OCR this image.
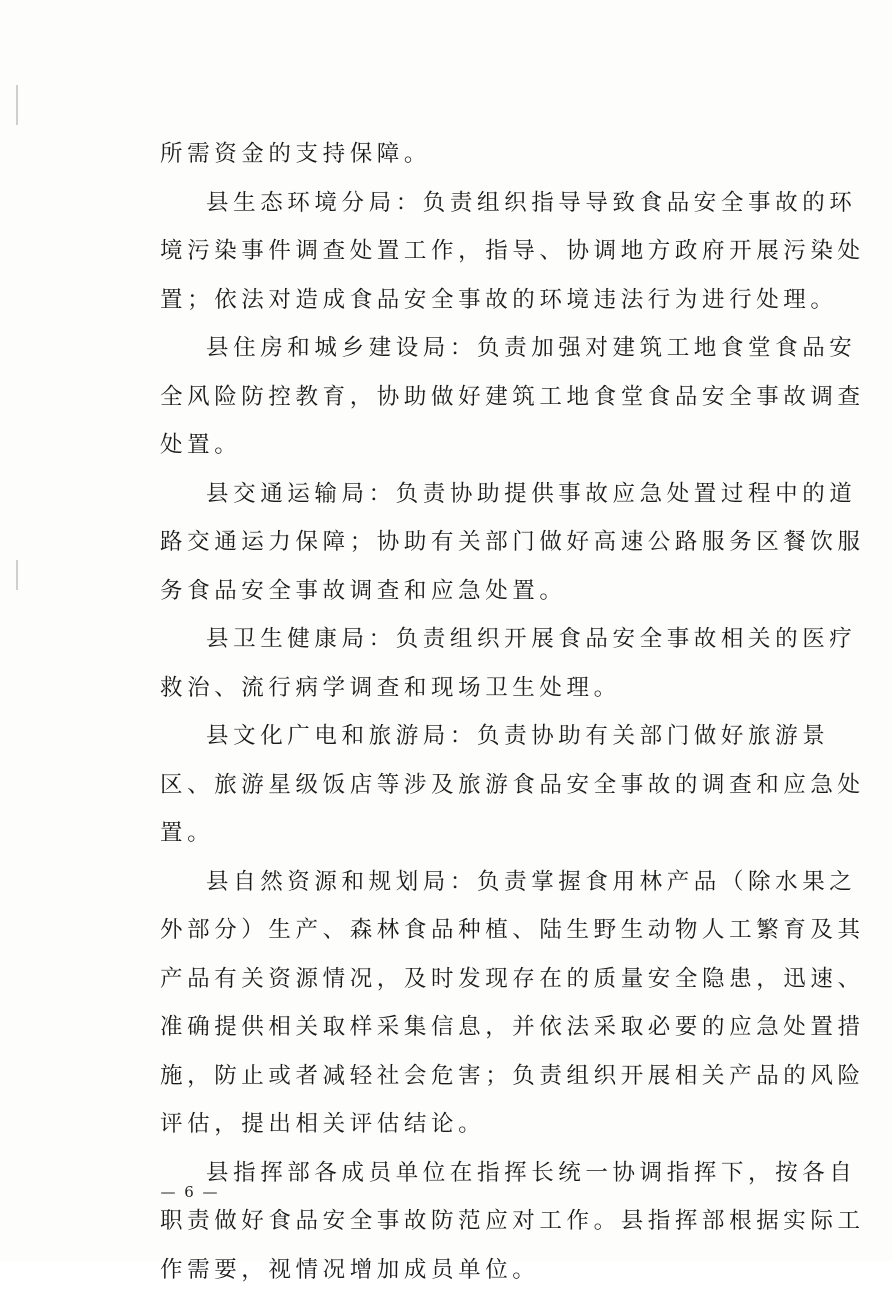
所需资金的支持保障。
县生态环境分局：负责组织指导导致食品安全事故的环
境污染事件调查处置工作，指导、协调地方政府开展污染处
置；依法对造成食品安全事故的环境违法行为进行处理。
县住房和城乡建设局：负责加强对建筑工地食堂食品安
全风险防控教育，协助做好建筑工地食堂食品安全事故调查
处置。
县交通运输局：负责协助提供事故应急处置过程中的道
路交通运力保障；协助有关部门做好高速公路服务区餐饮服
务食品安全事故调查和应急处置。
县卫生健康局：负责组织开展食品安全事故相关的医疗
救治、流行病学调查和现场卫生处理。
县文化广电和旅游局：负责协助有关部门做好旅游景
区、旅游星级饭店等涉及旅游食品安全事故的调查和应急处
置。
县自然资源和规划局：负责掌握食用林产品（除水果之
外部分）生产、森林食品种植、陆生野生动物人工繁育及其
产品有关资源情况，及时发现存在的质量安全隐患，迅速、
准确提供相关取样采集信息，并依法采取必要的应急处置措
施，防止或者减轻社会危害；负责组织开展相关产品的风险
评估，提出相关评估结论。
县指挥部各成员单位在指挥长统一协调指挥下，按各自
职责做好食品安全事故防范应对工作。县指挥部根据实际工
作需要，视情况增加成员单位。
— 6 —
